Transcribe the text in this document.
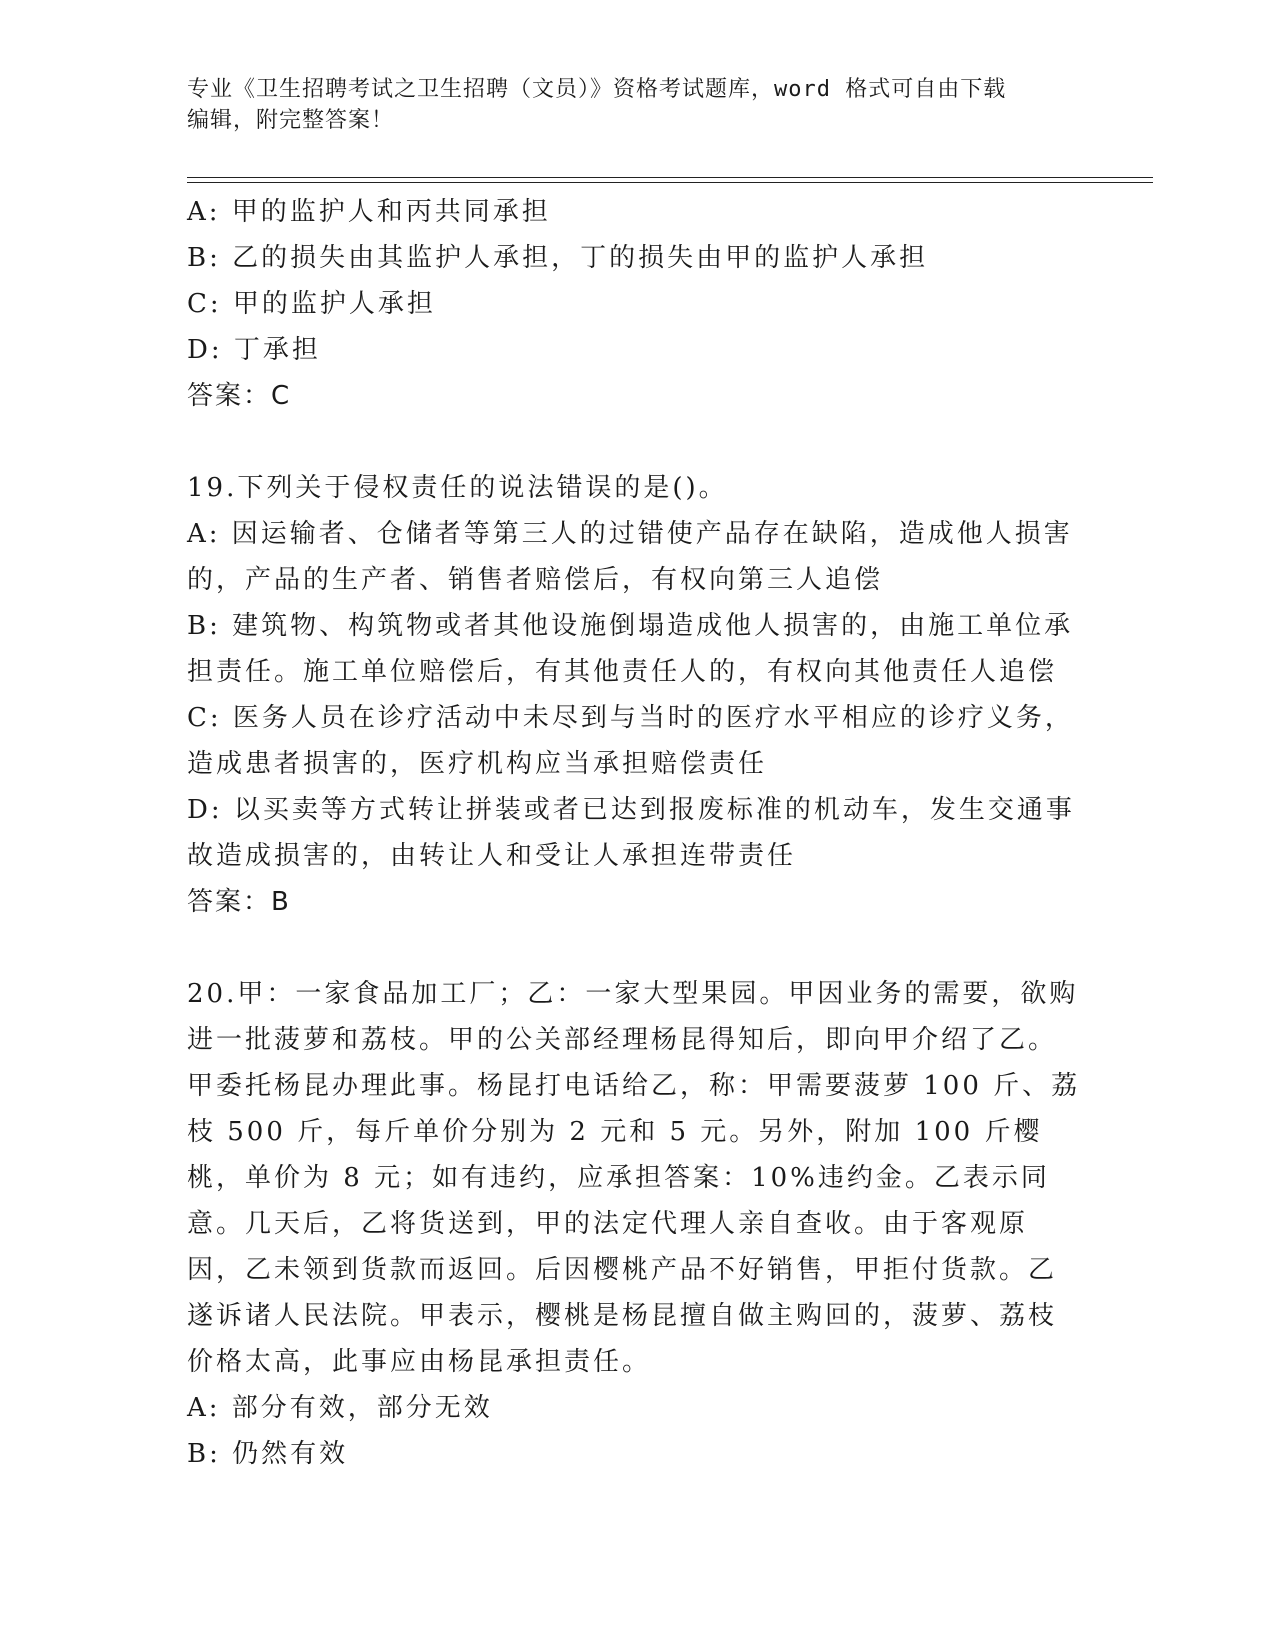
专业《卫生招聘考试之卫生招聘（文员）》资格考试题库，word 格式可自由下载
编辑，附完整答案！

A: 甲的监护人和丙共同承担

B: 乙的损失由其监护人承担，丁的损失由甲的监护人承担

C: 甲的监护人承担

D: 丁承担

答案：C

19.下列关于侵权责任的说法错误的是()。

A: 因运输者、仓储者等第三人的过错使产品存在缺陷，造成他人损害的，产品的生产者、销售者赔偿后，有权向第三人追偿

B: 建筑物、构筑物或者其他设施倒塌造成他人损害的，由施工单位承担责任。施工单位赔偿后，有其他责任人的，有权向其他责任人追偿

C: 医务人员在诊疗活动中未尽到与当时的医疗水平相应的诊疗义务，造成患者损害的，医疗机构应当承担赔偿责任

D: 以买卖等方式转让拼装或者已达到报废标准的机动车，发生交通事故造成损害的，由转让人和受让人承担连带责任

答案：B

20.甲：一家食品加工厂；乙：一家大型果园。甲因业务的需要，欲购进一批菠萝和荔枝。甲的公关部经理杨昆得知后，即向甲介绍了乙。甲委托杨昆办理此事。杨昆打电话给乙，称：甲需要菠萝 100 斤、荔枝 500 斤，每斤单价分别为 2 元和 5 元。另外，附加 100 斤樱桃，单价为 8 元；如有违约，应承担答案：10%违约金。乙表示同意。几天后，乙将货送到，甲的法定代理人亲自查收。由于客观原因，乙未领到货款而返回。后因樱桃产品不好销售，甲拒付货款。乙遂诉诸人民法院。甲表示，樱桃是杨昆擅自做主购回的，菠萝、荔枝价格太高，此事应由杨昆承担责任。

A: 部分有效，部分无效

B: 仍然有效
